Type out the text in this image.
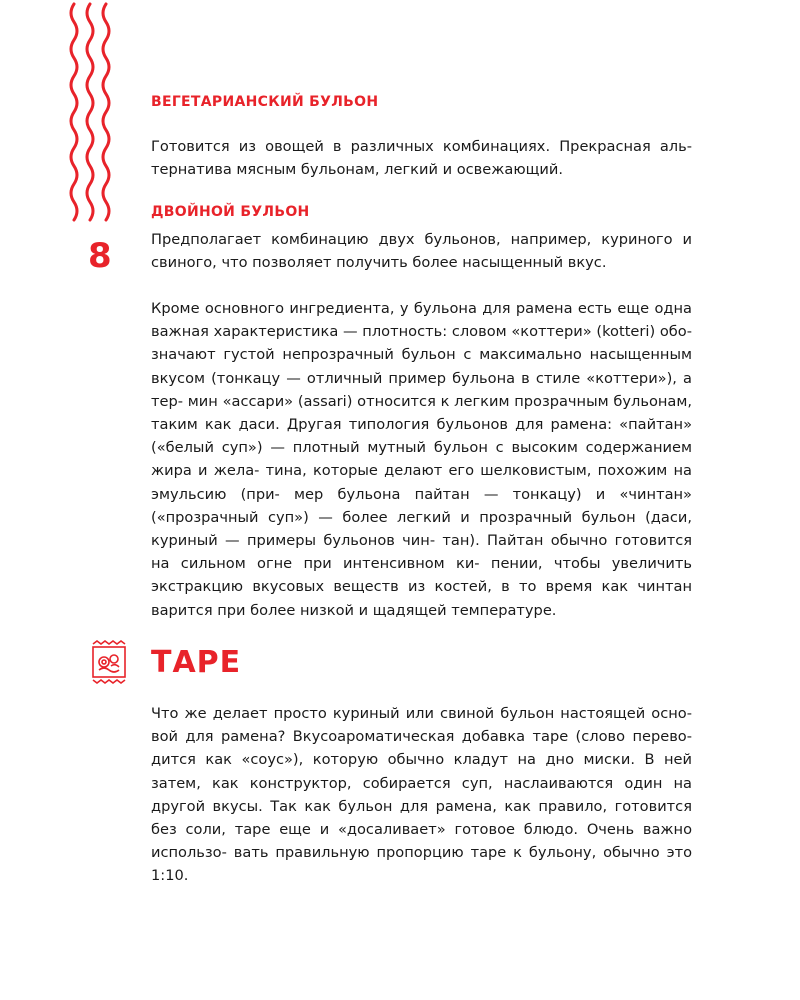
8
ВЕГЕТАРИАНСКИЙ БУЛЬОН

Готовится из овощей в различных комбинациях. Прекрасная аль- тернатива мясным бульонам, легкий и освежающий.

ДВОЙНОЙ БУЛЬОН

Предполагает комбинацию двух бульонов, например, куриного и свиного, что позволяет получить более насыщенный вкус.

Кроме основного ингредиента, у бульона для рамена есть еще одна важная характеристика — плотность: словом «коттери» (kotteri) обо- значают густой непрозрачный бульон с максимально насыщенным вкусом (тонкацу — отличный пример бульона в стиле «коттери»), а тер- мин «ассари» (assari) относится к легким прозрачным бульонам, таким как даси. Другая типология бульонов для рамена: «пайтан» («белый суп») — плотный мутный бульон с высоким содержанием жира и жела- тина, которые делают его шелковистым, похожим на эмульсию (при- мер бульона пайтан — тонкацу) и «чинтан» («прозрачный суп») — более легкий и прозрачный бульон (даси, куриный — примеры бульонов чин- тан). Пайтан обычно готовится на сильном огне при интенсивном ки- пении, чтобы увеличить экстракцию вкусовых веществ из костей, в то время как чинтан варится при более низкой и щадящей температуре.

ТАРЕ

Что же делает просто куриный или свиной бульон настоящей осно- вой для рамена? Вкусоароматическая добавка таре (слово перево- дится как «соус»), которую обычно кладут на дно миски. В ней затем, как конструктор, собирается суп, наслаиваются один на другой вкусы. Так как бульон для рамена, как правило, готовится без соли, таре еще и «досаливает» готовое блюдо. Очень важно использо- вать правильную пропорцию таре к бульону, обычно это 1:10.
